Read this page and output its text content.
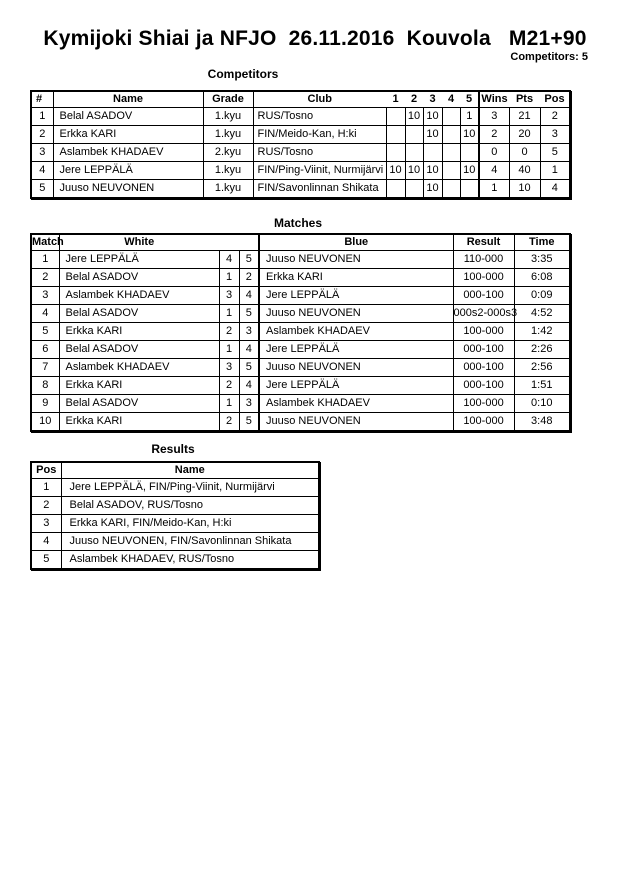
Kymijoki Shiai ja NFJO  26.11.2016  Kouvola   M21+90
Competitors: 5
Competitors
#	Name	Grade	Club	1	2	3	4	5	Wins	Pts	Pos
1	Belal ASADOV	1.kyu	RUS/Tosno		10	10		1	3	21	2
2	Erkka KARI	1.kyu	FIN/Meido-Kan, H:ki			10		10	2	20	3
3	Aslambek KHADAEV	2.kyu	RUS/Tosno						0	0	5
4	Jere LEPPÄLÄ	1.kyu	FIN/Ping-Viinit, Nurmijärvi	10	10	10		10	4	40	1
5	Juuso NEUVONEN	1.kyu	FIN/Savonlinnan Shikata			10			1	10	4
Matches
Match	White			Blue	Result	Time
1	Jere LEPPÄLÄ	4	5	Juuso NEUVONEN	110-000	3:35
2	Belal ASADOV	1	2	Erkka KARI	100-000	6:08
3	Aslambek KHADAEV	3	4	Jere LEPPÄLÄ	000-100	0:09
4	Belal ASADOV	1	5	Juuso NEUVONEN	000s2-000s3	4:52
5	Erkka KARI	2	3	Aslambek KHADAEV	100-000	1:42
6	Belal ASADOV	1	4	Jere LEPPÄLÄ	000-100	2:26
7	Aslambek KHADAEV	3	5	Juuso NEUVONEN	000-100	2:56
8	Erkka KARI	2	4	Jere LEPPÄLÄ	000-100	1:51
9	Belal ASADOV	1	3	Aslambek KHADAEV	100-000	0:10
10	Erkka KARI	2	5	Juuso NEUVONEN	100-000	3:48
Results
Pos	Name
1	Jere LEPPÄLÄ, FIN/Ping-Viinit, Nurmijärvi
2	Belal ASADOV, RUS/Tosno
3	Erkka KARI, FIN/Meido-Kan, H:ki
4	Juuso NEUVONEN, FIN/Savonlinnan Shikata
5	Aslambek KHADAEV, RUS/Tosno
